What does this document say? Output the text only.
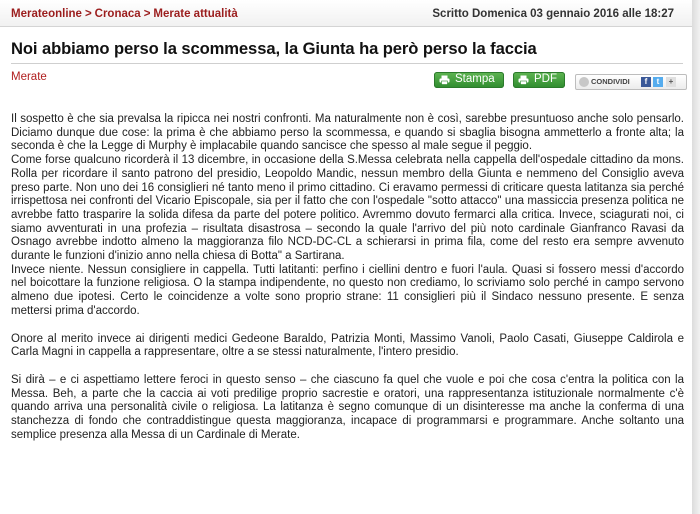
Merateonline > Cronaca > Merate attualità	Scritto Domenica 03 gennaio 2016 alle 18:27
Noi abbiamo perso la scommessa, la Giunta ha però perso la faccia
Merate	Stampa	PDF	CONDIVIDI	f	t	+

Il sospetto è che sia prevalsa la ripicca nei nostri confronti. Ma naturalmente non è così, sarebbe presuntuoso anche solo pensarlo. Diciamo dunque due cose: la prima è che abbiamo perso la scommessa, e quando si sbaglia bisogna ammetterlo a fronte alta; la seconda è che la Legge di Murphy è implacabile quando sancisce che spesso al male segue il peggio.

Come forse qualcuno ricorderà il 13 dicembre, in occasione della S.Messa celebrata nella cappella dell'ospedale cittadino da mons. Rolla per ricordare il santo patrono del presidio, Leopoldo Mandic, nessun membro della Giunta e nemmeno del Consiglio aveva preso parte. Non uno dei 16 consiglieri né tanto meno il primo cittadino. Ci eravamo permessi di criticare questa latitanza sia perché irrispettosa nei confronti del Vicario Episcopale, sia per il fatto che con l'ospedale "sotto attacco" una massiccia presenza politica ne avrebbe fatto trasparire la solida difesa da parte del potere politico. Avremmo dovuto fermarci alla critica. Invece, sciagurati noi, ci siamo avventurati in una profezia – risultata disastrosa – secondo la quale l'arrivo del più noto cardinale Gianfranco Ravasi da Osnago avrebbe indotto almeno la maggioranza filo NCD-DC-CL a schierarsi in prima fila, come del resto era sempre avvenuto durante le funzioni d'inizio anno nella chiesa di Botta" a Sartirana.

Invece niente. Nessun consigliere in cappella. Tutti latitanti: perfino i ciellini dentro e fuori l'aula. Quasi si fossero messi d'accordo nel boicottare la funzione religiosa. O la stampa indipendente, no questo non crediamo, lo scriviamo solo perché in campo servono almeno due ipotesi. Certo le coincidenze a volte sono proprio strane: 11 consiglieri più il Sindaco nessuno presente. E senza mettersi prima d'accordo.

Onore al merito invece ai dirigenti medici Gedeone Baraldo, Patrizia Monti, Massimo Vanoli, Paolo Casati, Giuseppe Caldirola e Carla Magni in cappella a rappresentare, oltre a se stessi naturalmente, l'intero presidio.

Si dirà – e ci aspettiamo lettere feroci in questo senso – che ciascuno fa quel che vuole e poi che cosa c'entra la politica con la Messa. Beh, a parte che la caccia ai voti predilige proprio sacrestie e oratori, una rappresentanza istituzionale normalmente c'è quando arriva una personalità civile o religiosa. La latitanza è segno comunque di un disinteresse ma anche la conferma di una stanchezza di fondo che contraddistingue questa maggioranza, incapace di programmarsi e programmare. Anche soltanto una semplice presenza alla Messa di un Cardinale di Merate.
